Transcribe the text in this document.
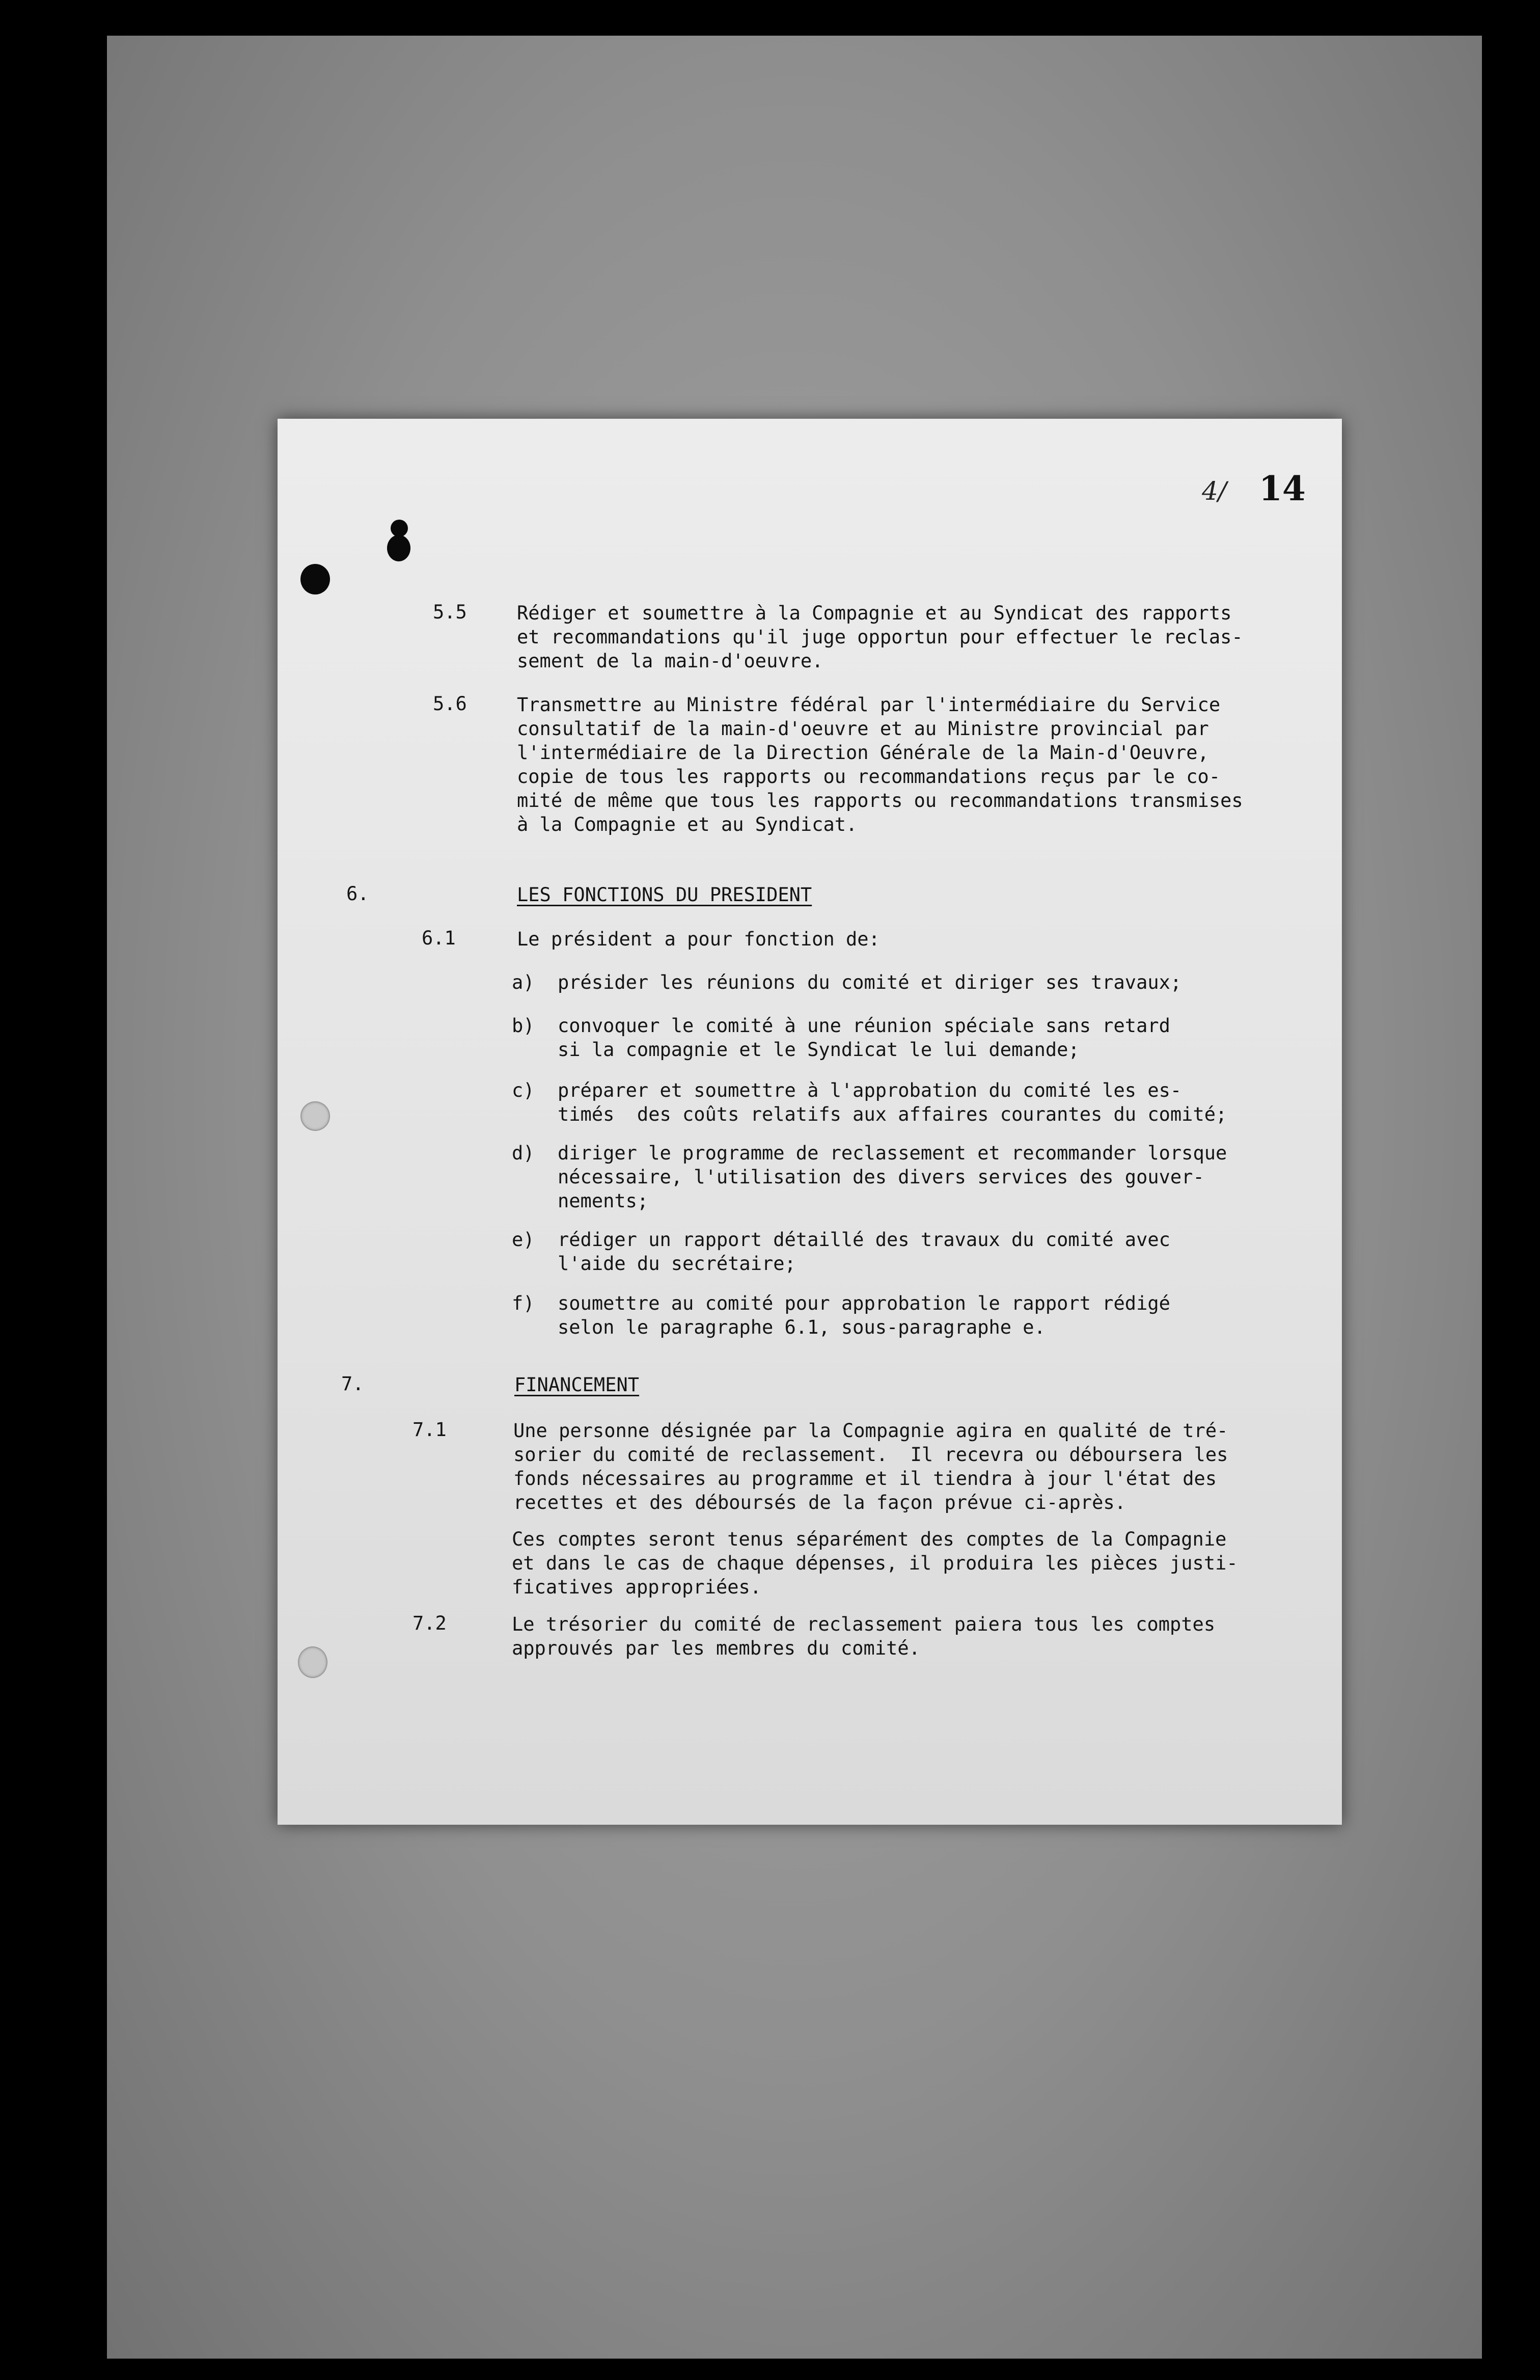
4/ 14
5.5	Rédiger et soumettre à la Compagnie et au Syndicat des rapports
et recommandations qu'il juge opportun pour effectuer le reclas-
sement de la main-d'oeuvre.
5.6	Transmettre au Ministre fédéral par l'intermédiaire du Service
consultatif de la main-d'oeuvre et au Ministre provincial par
l'intermédiaire de la Direction Générale de la Main-d'Oeuvre,
copie de tous les rapports ou recommandations reçus par le co-
mité de même que tous les rapports ou recommandations transmises
à la Compagnie et au Syndicat.
6.	LES FONCTIONS DU PRESIDENT
6.1	Le président a pour fonction de:
a) présider les réunions du comité et diriger ses travaux;
b) convoquer le comité à une réunion spéciale sans retard
si la compagnie et le Syndicat le lui demande;
c) préparer et soumettre à l'approbation du comité les es-
timés  des coûts relatifs aux affaires courantes du comité;
d) diriger le programme de reclassement et recommander lorsque
nécessaire, l'utilisation des divers services des gouver-
nements;
e) rédiger un rapport détaillé des travaux du comité avec
l'aide du secrétaire;
f) soumettre au comité pour approbation le rapport rédigé
selon le paragraphe 6.1, sous-paragraphe e.
7.	FINANCEMENT
7.1	Une personne désignée par la Compagnie agira en qualité de tré-
sorier du comité de reclassement.  Il recevra ou déboursera les
fonds nécessaires au programme et il tiendra à jour l'état des
recettes et des déboursés de la façon prévue ci-après.
Ces comptes seront tenus séparément des comptes de la Compagnie
et dans le cas de chaque dépenses, il produira les pièces justi-
ficatives appropriées.
7.2	Le trésorier du comité de reclassement paiera tous les comptes
approuvés par les membres du comité.
